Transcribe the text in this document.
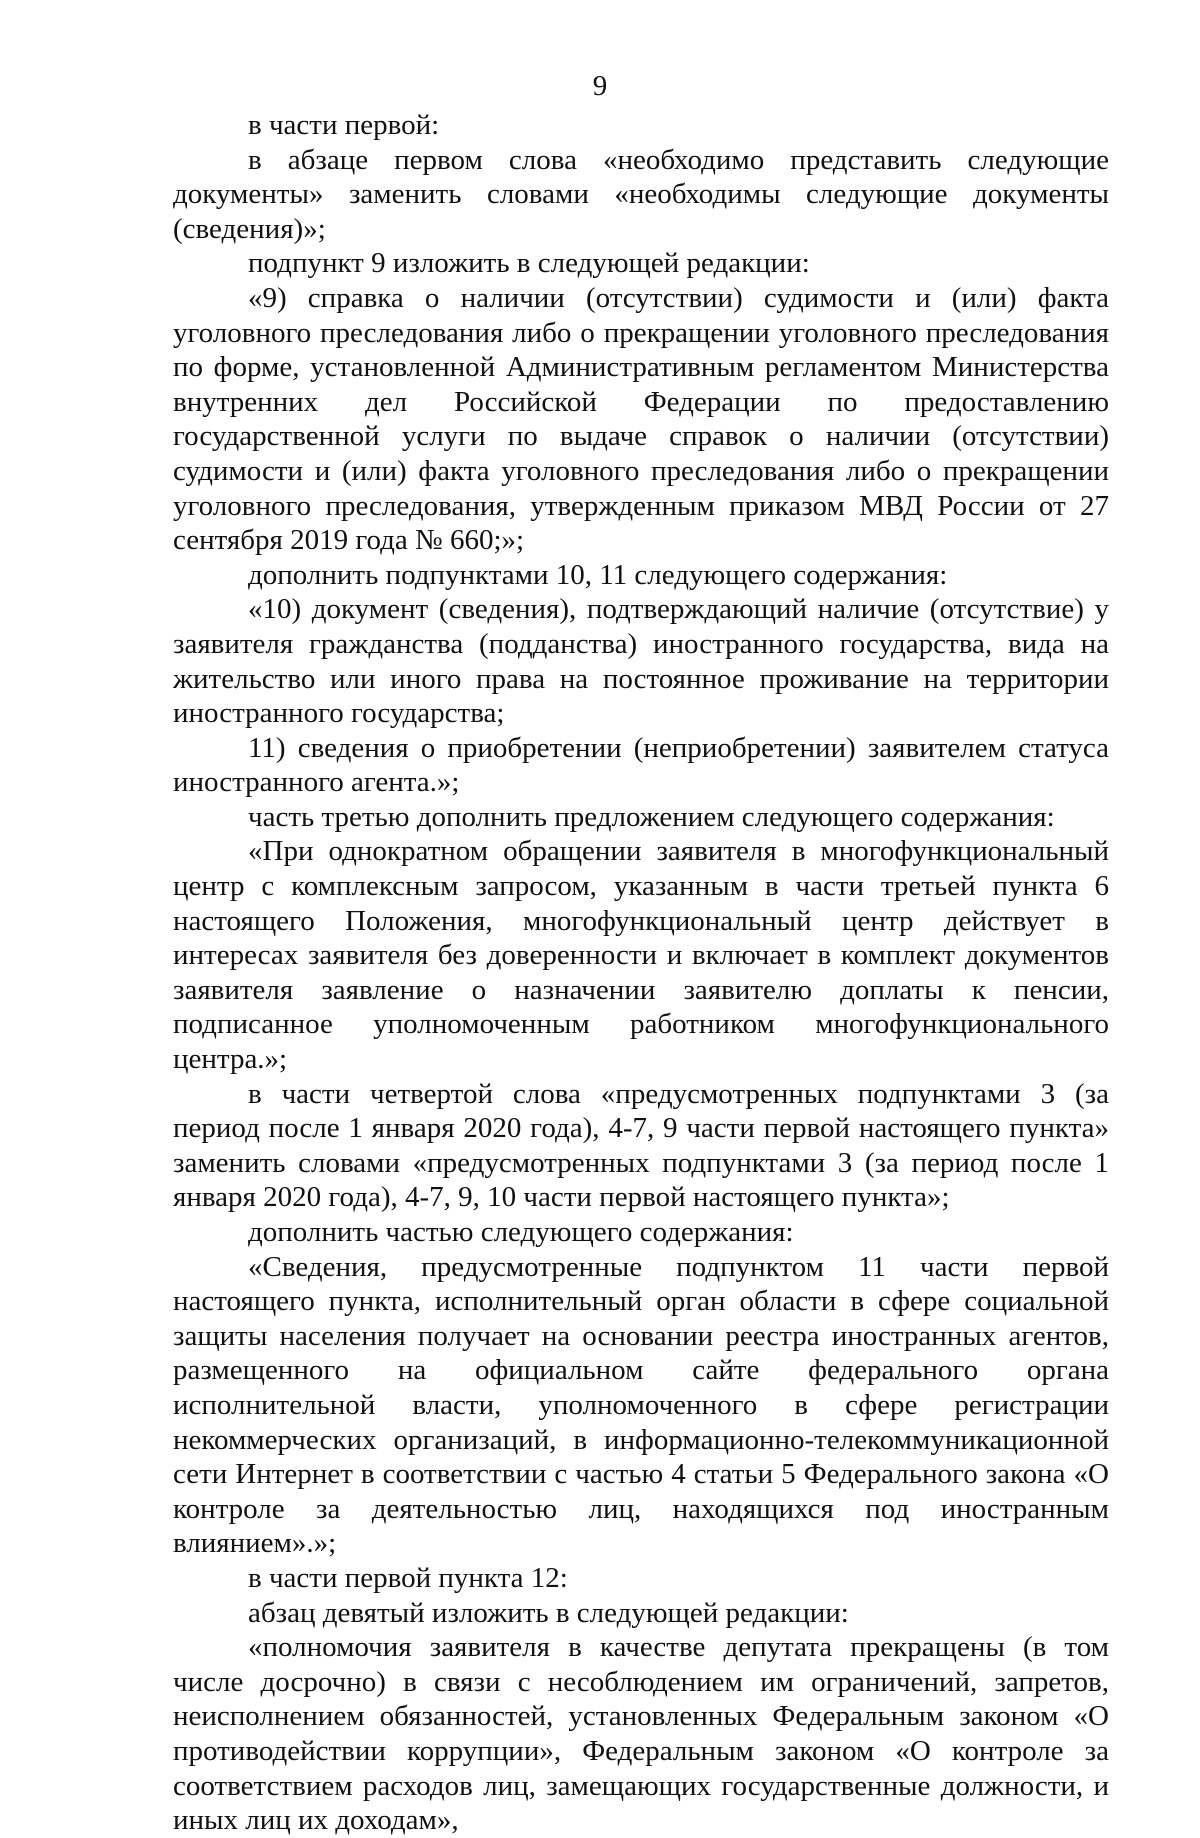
9

в части первой:

в абзаце первом слова «необходимо представить следующие документы» заменить словами «необходимы следующие документы (сведения)»;

подпункт 9 изложить в следующей редакции:

«9) справка о наличии (отсутствии) судимости и (или) факта уголовного преследования либо о прекращении уголовного преследования по форме, установленной Административным регламентом Министерства внутренних дел Российской Федерации по предоставлению государственной услуги по выдаче справок о наличии (отсутствии) судимости и (или) факта уголовного преследования либо о прекращении уголовного преследования, утвержденным приказом МВД России от 27 сентября 2019 года № 660;»;

дополнить подпунктами 10, 11 следующего содержания:

«10) документ (сведения), подтверждающий наличие (отсутствие) у заявителя гражданства (подданства) иностранного государства, вида на жительство или иного права на постоянное проживание на территории иностранного государства;

11) сведения о приобретении (неприобретении) заявителем статуса иностранного агента.»;

часть третью дополнить предложением следующего содержания:

«При однократном обращении заявителя в многофункциональный центр с комплексным запросом, указанным в части третьей пункта 6 настоящего Положения, многофункциональный центр действует в интересах заявителя без доверенности и включает в комплект документов заявителя заявление о назначении заявителю доплаты к пенсии, подписанное уполномоченным работником многофункционального центра.»;

в части четвертой слова «предусмотренных подпунктами 3 (за период после 1 января 2020 года), 4-7, 9 части первой настоящего пункта» заменить словами «предусмотренных подпунктами 3 (за период после 1 января 2020 года), 4-7, 9, 10 части первой настоящего пункта»;

дополнить частью следующего содержания:

«Сведения, предусмотренные подпунктом 11 части первой настоящего пункта, исполнительный орган области в сфере социальной защиты населения получает на основании реестра иностранных агентов, размещенного на официальном сайте федерального органа исполнительной власти, уполномоченного в сфере регистрации некоммерческих организаций, в информационно-телекоммуникационной сети Интернет в соответствии с частью 4 статьи 5 Федерального закона «О контроле за деятельностью лиц, находящихся под иностранным влиянием».»;

в части первой пункта 12:

абзац девятый изложить в следующей редакции:

«полномочия заявителя в качестве депутата прекращены (в том числе досрочно) в связи с несоблюдением им ограничений, запретов, неисполнением обязанностей, установленных Федеральным законом «О противодействии коррупции», Федеральным законом «О контроле за соответствием расходов лиц, замещающих государственные должности, и иных лиц их доходам»,
